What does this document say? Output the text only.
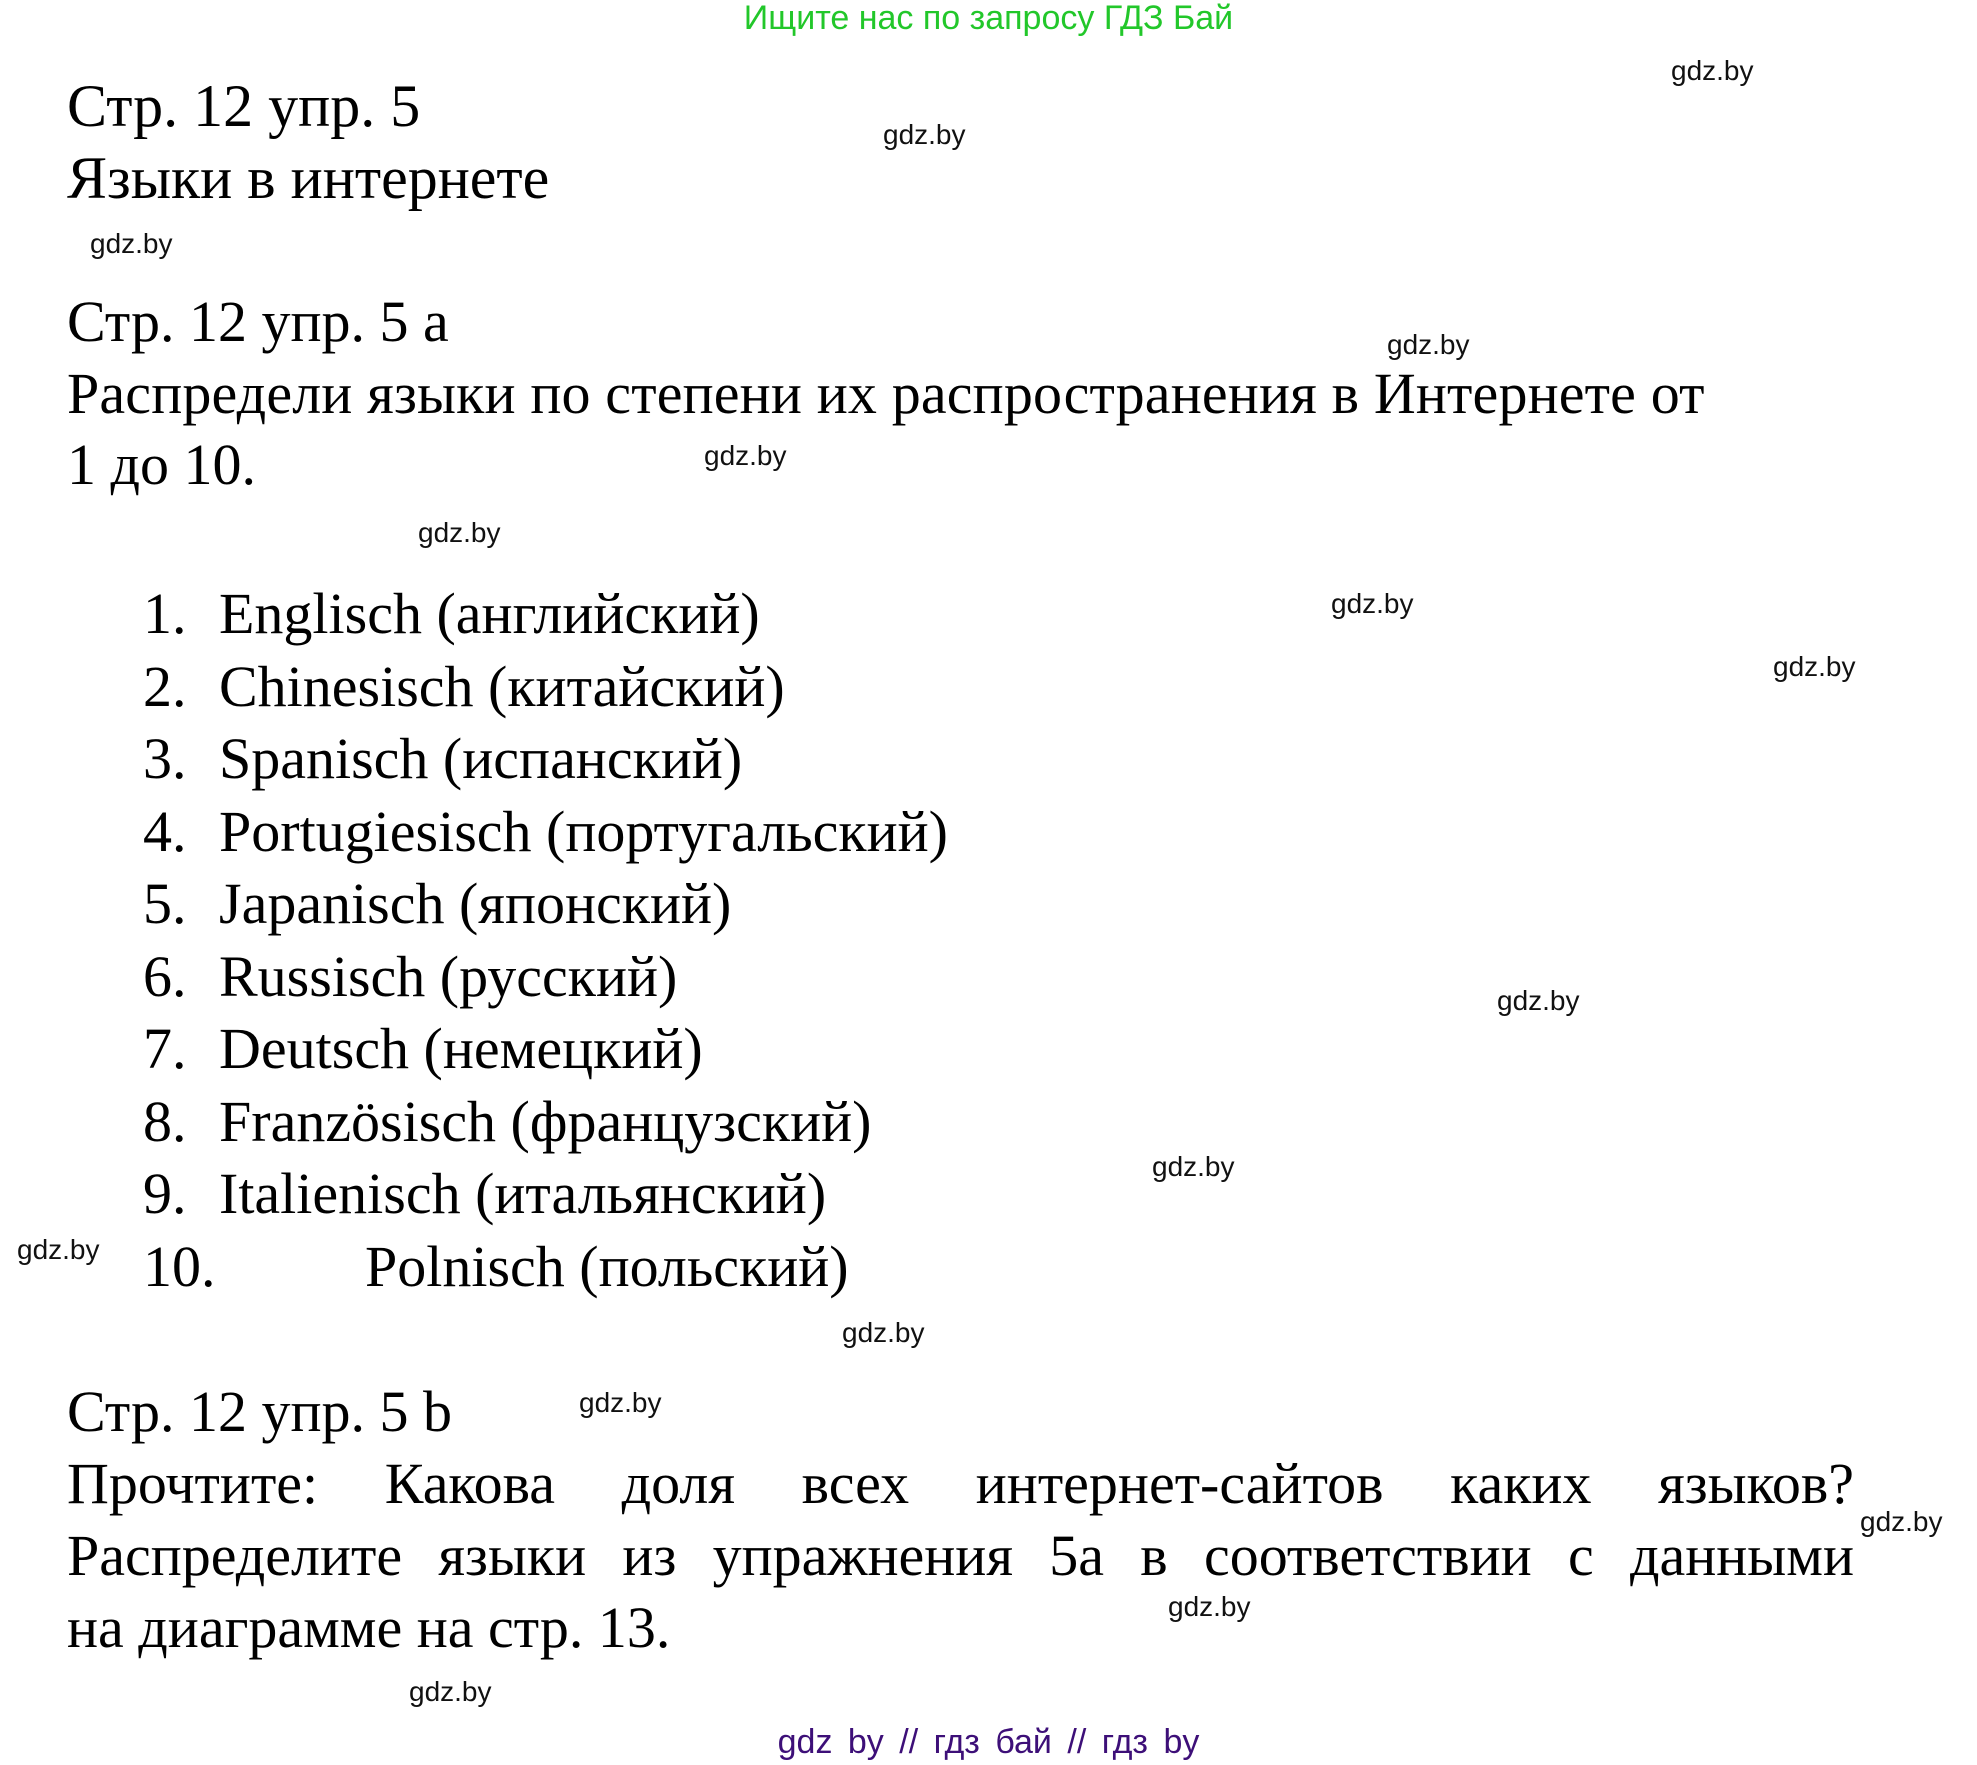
Ищите нас по запросу ГДЗ Бай
Стр. 12 упр. 5
Языки в интернете
Стр. 12 упр. 5 a
Распредели языки по степени их распространения в Интернете от
1 до 10.
1. Englisch (английский)
2. Chinesisch (китайский)
3. Spanisch (испанский)
4. Portugiesisch (португальский)
5. Japanisch (японский)
6. Russisch (русский)
7. Deutsch (немецкий)
8. Französisch (французский)
9. Italienisch (итальянский)
10.	Polnisch (польский)
Стр. 12 упр. 5 b
Прочтите: Какова доля всех интернет-сайтов каких языков?
Распределите языки из упражнения 5a в соответствии с данными
на диаграмме на стр. 13.
gdz.by
gdz.by
gdz.by
gdz.by
gdz.by
gdz.by
gdz.by
gdz.by
gdz.by
gdz.by
gdz.by
gdz.by
gdz.by
gdz.by
gdz.by
gdz.by
gdz by // гдз бай // гдз by
